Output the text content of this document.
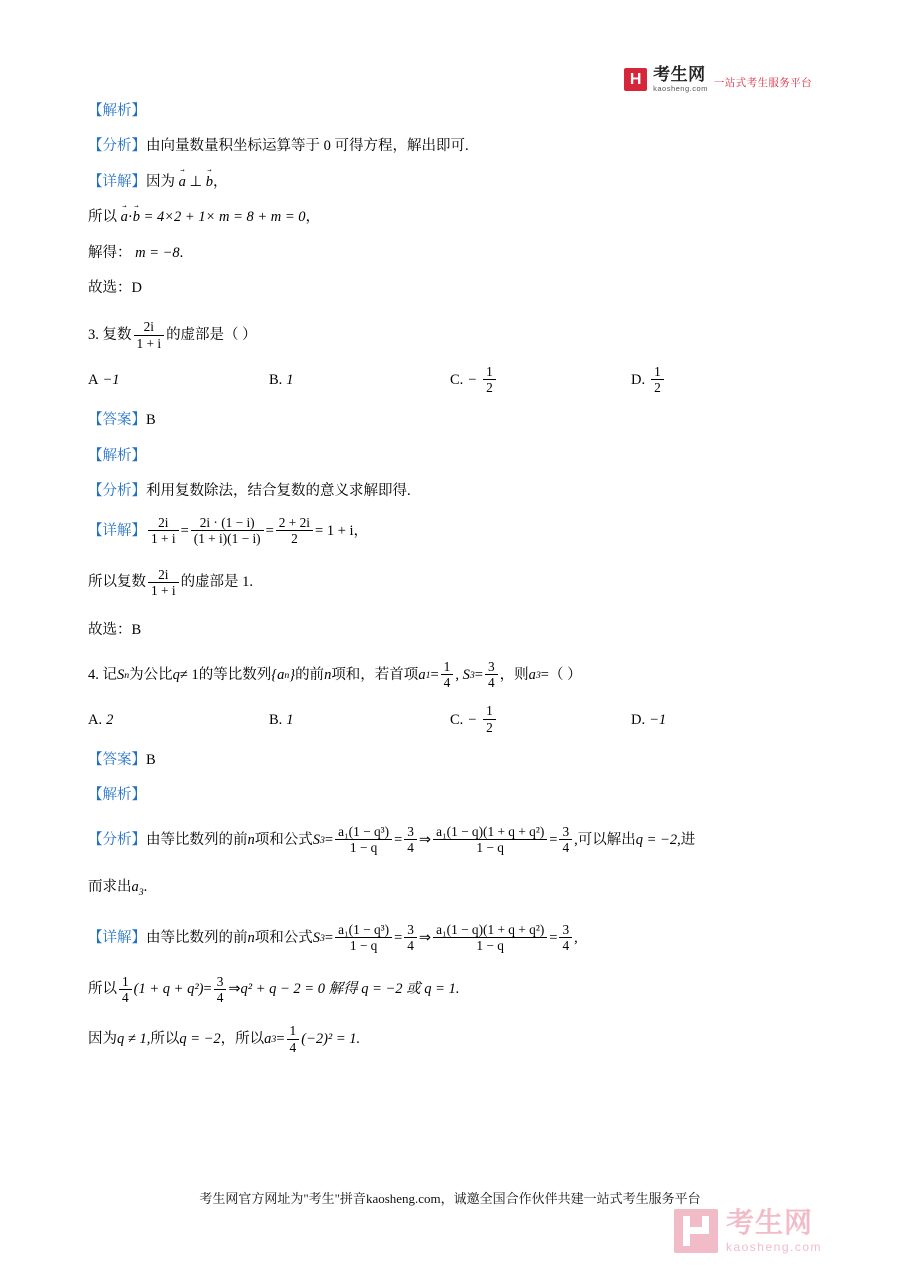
H 考生网
kaosheng.com 一站式考生服务平台

【解析】

【分析】由向量数量积坐标运算等于 0 可得方程，解出即可.

【详解】因为 a → ⊥ b →，

所以 a →·b → = 4×2 + 1× m = 8 + m = 0，

解得： m = −8.

故选：D

3.
复数 $\frac{2i}{1 + i}$ 的虚部是（ ）
A −1	B. 1	C. − $\frac{1}{2}$	D. $\frac{1}{2}$

【答案】B

【解析】

【分析】利用复数除法，结合复数的意义求解即得.

【详解】 $\frac{2i}{1 + i} = \frac{2i \cdot (1 - i)}{(1 + i)(1 - i)} = \frac{2 + 2i}{2} = 1 + i$ ，
所以复数 $\frac{2i}{1 + i}$ 的虚部是 1.

故选：B

4.
记 S n 为公比 q ≠ 1 的等比数列 {a n } 的前 n 项和，若首项 a $1 = \frac{1}{4}$ ,
S $3 = \frac{3}{4}$ ，则 a 3 =（ ）
A. 2	B. 1	C. − $\frac{1}{2}$	D. −1

【答案】B

【解析】

【分析】 由等比数列的前 n 项和公式 S $3 = \frac{\text{a₁(1 − q³)}}{1 - q} = \frac{3}{4}$ ⇒ $\frac{\text{a₁(1 − q)(1 + q + q²)}}{1 - q} = \frac{3}{4}$ ,可以解出 q = −2 ,进

而求出$a_3$.

【详解】 由等比数列的前 n 项和公式 S $3 = \frac{\text{a₁(1 − q³)}}{1 - q} = \frac{3}{4}$ ⇒ $\frac{\text{a₁(1 − q)(1 + q + q²)}}{1 - q} = \frac{3}{4}$ ,
所以 $\frac{1}{4} (1 + q + q^2) = \frac{3}{4}$ ⇒ q² + q − 2 = 0 解得 q = −2 或 q = 1.
因为 q ≠ 1, 所以 q = −2 ，所以 a $3 = \frac{1}{4} (-2)^2 = 1$.
考生网官方网址为"考生"拼音kaosheng.com，诚邀全国合作伙伴共建一站式考生服务平台
考生网
kaosheng.com
